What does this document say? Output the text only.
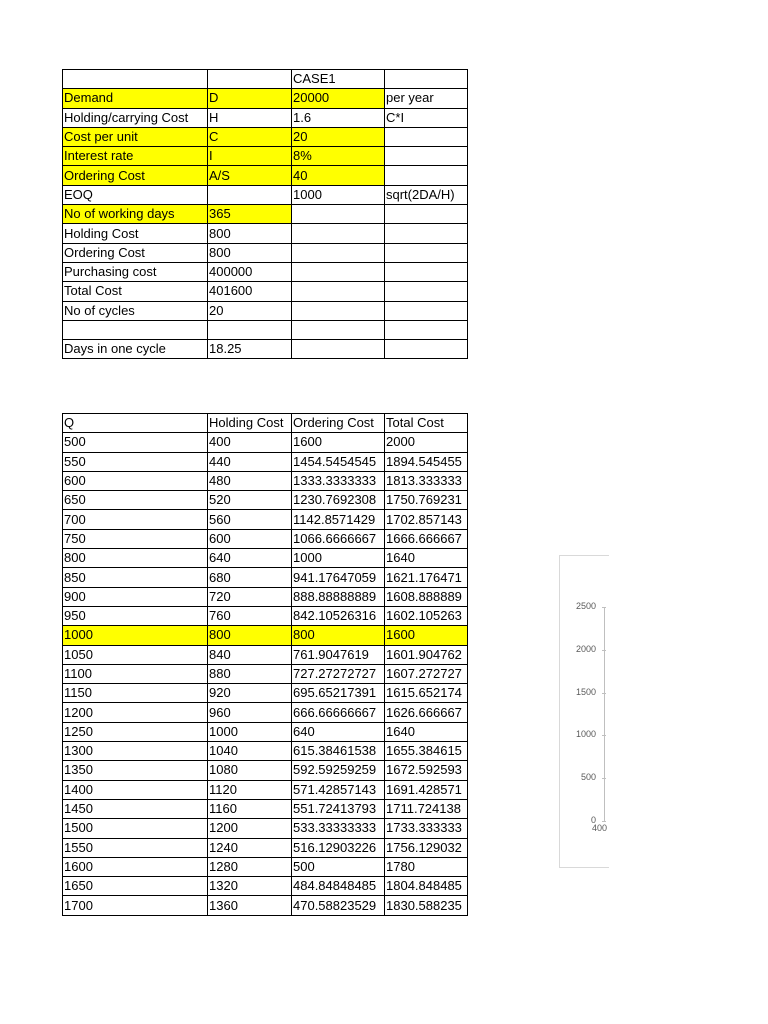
		CASE1	
Demand	D	20000	per year
Holding/carrying Cost	H	1.6	C*I
Cost per unit	C	20	
Interest rate	I	8%	
Ordering Cost	A/S	40	
EOQ		1000	sqrt(2DA/H)
No of working days	365		
Holding Cost	800		
Ordering Cost	800		
Purchasing cost	400000		
Total Cost	401600		
No of cycles	20		

Days in one cycle	18.25		
Q	Holding Cost	Ordering Cost	Total Cost
500	400	1600	2000
550	440	1454.5454545	1894.545455
600	480	1333.3333333	1813.333333
650	520	1230.7692308	1750.769231
700	560	1142.8571429	1702.857143
750	600	1066.6666667	1666.666667
800	640	1000	1640
850	680	941.17647059	1621.176471
900	720	888.88888889	1608.888889
950	760	842.10526316	1602.105263
1000	800	800	1600
1050	840	761.9047619	1601.904762
1100	880	727.27272727	1607.272727
1150	920	695.65217391	1615.652174
1200	960	666.66666667	1626.666667
1250	1000	640	1640
1300	1040	615.38461538	1655.384615
1350	1080	592.59259259	1672.592593
1400	1120	571.42857143	1691.428571
1450	1160	551.72413793	1711.724138
1500	1200	533.33333333	1733.333333
1550	1240	516.12903226	1756.129032
1600	1280	500	1780
1650	1320	484.84848485	1804.848485
1700	1360	470.58823529	1830.588235
2500
2000
1500
1000
500
0
400
